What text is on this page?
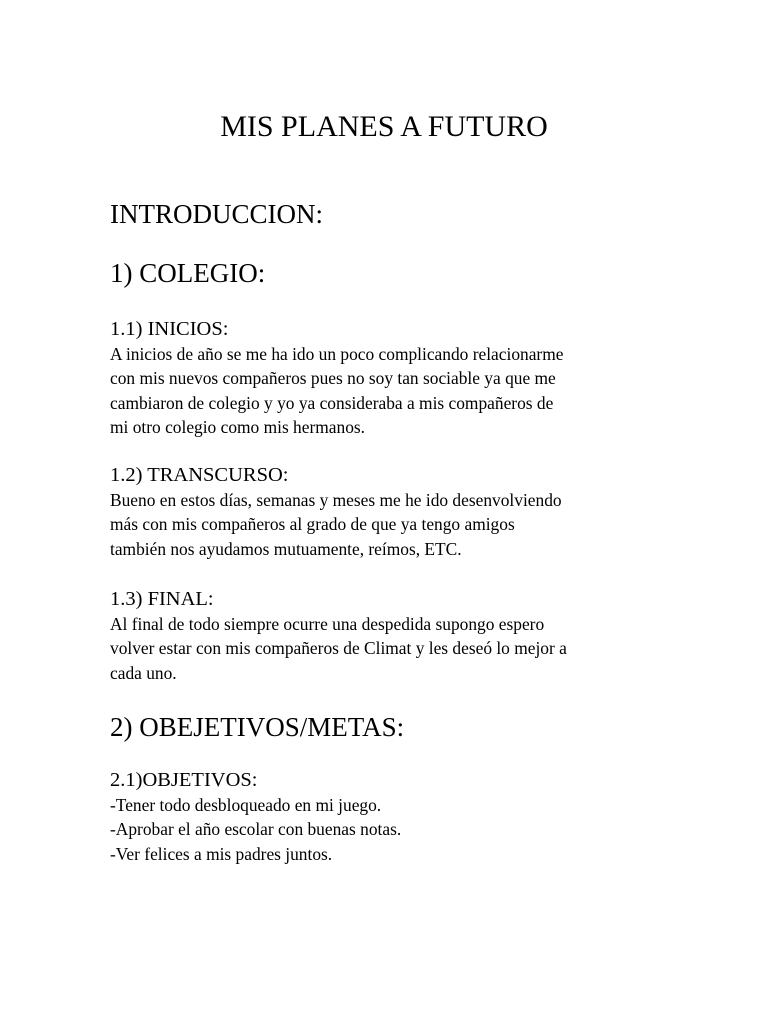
MIS PLANES A FUTURO
INTRODUCCION:
1) COLEGIO:
1.1) INICIOS:
A inicios de año se me ha ido un poco complicando relacionarme
con mis nuevos compañeros pues no soy tan sociable ya que me
cambiaron de colegio y yo ya consideraba a mis compañeros de
mi otro colegio como mis hermanos.
1.2) TRANSCURSO:
Bueno en estos días, semanas y meses me he ido desenvolviendo
más con mis compañeros al grado de que ya tengo amigos
también nos ayudamos mutuamente, reímos, ETC.
1.3) FINAL:
Al final de todo siempre ocurre una despedida supongo espero
volver estar con mis compañeros de Climat y les deseó lo mejor a
cada uno.
2) OBEJETIVOS/METAS:
2.1)OBJETIVOS:
-Tener todo desbloqueado en mi juego.
-Aprobar el año escolar con buenas notas.
-Ver felices a mis padres juntos.
